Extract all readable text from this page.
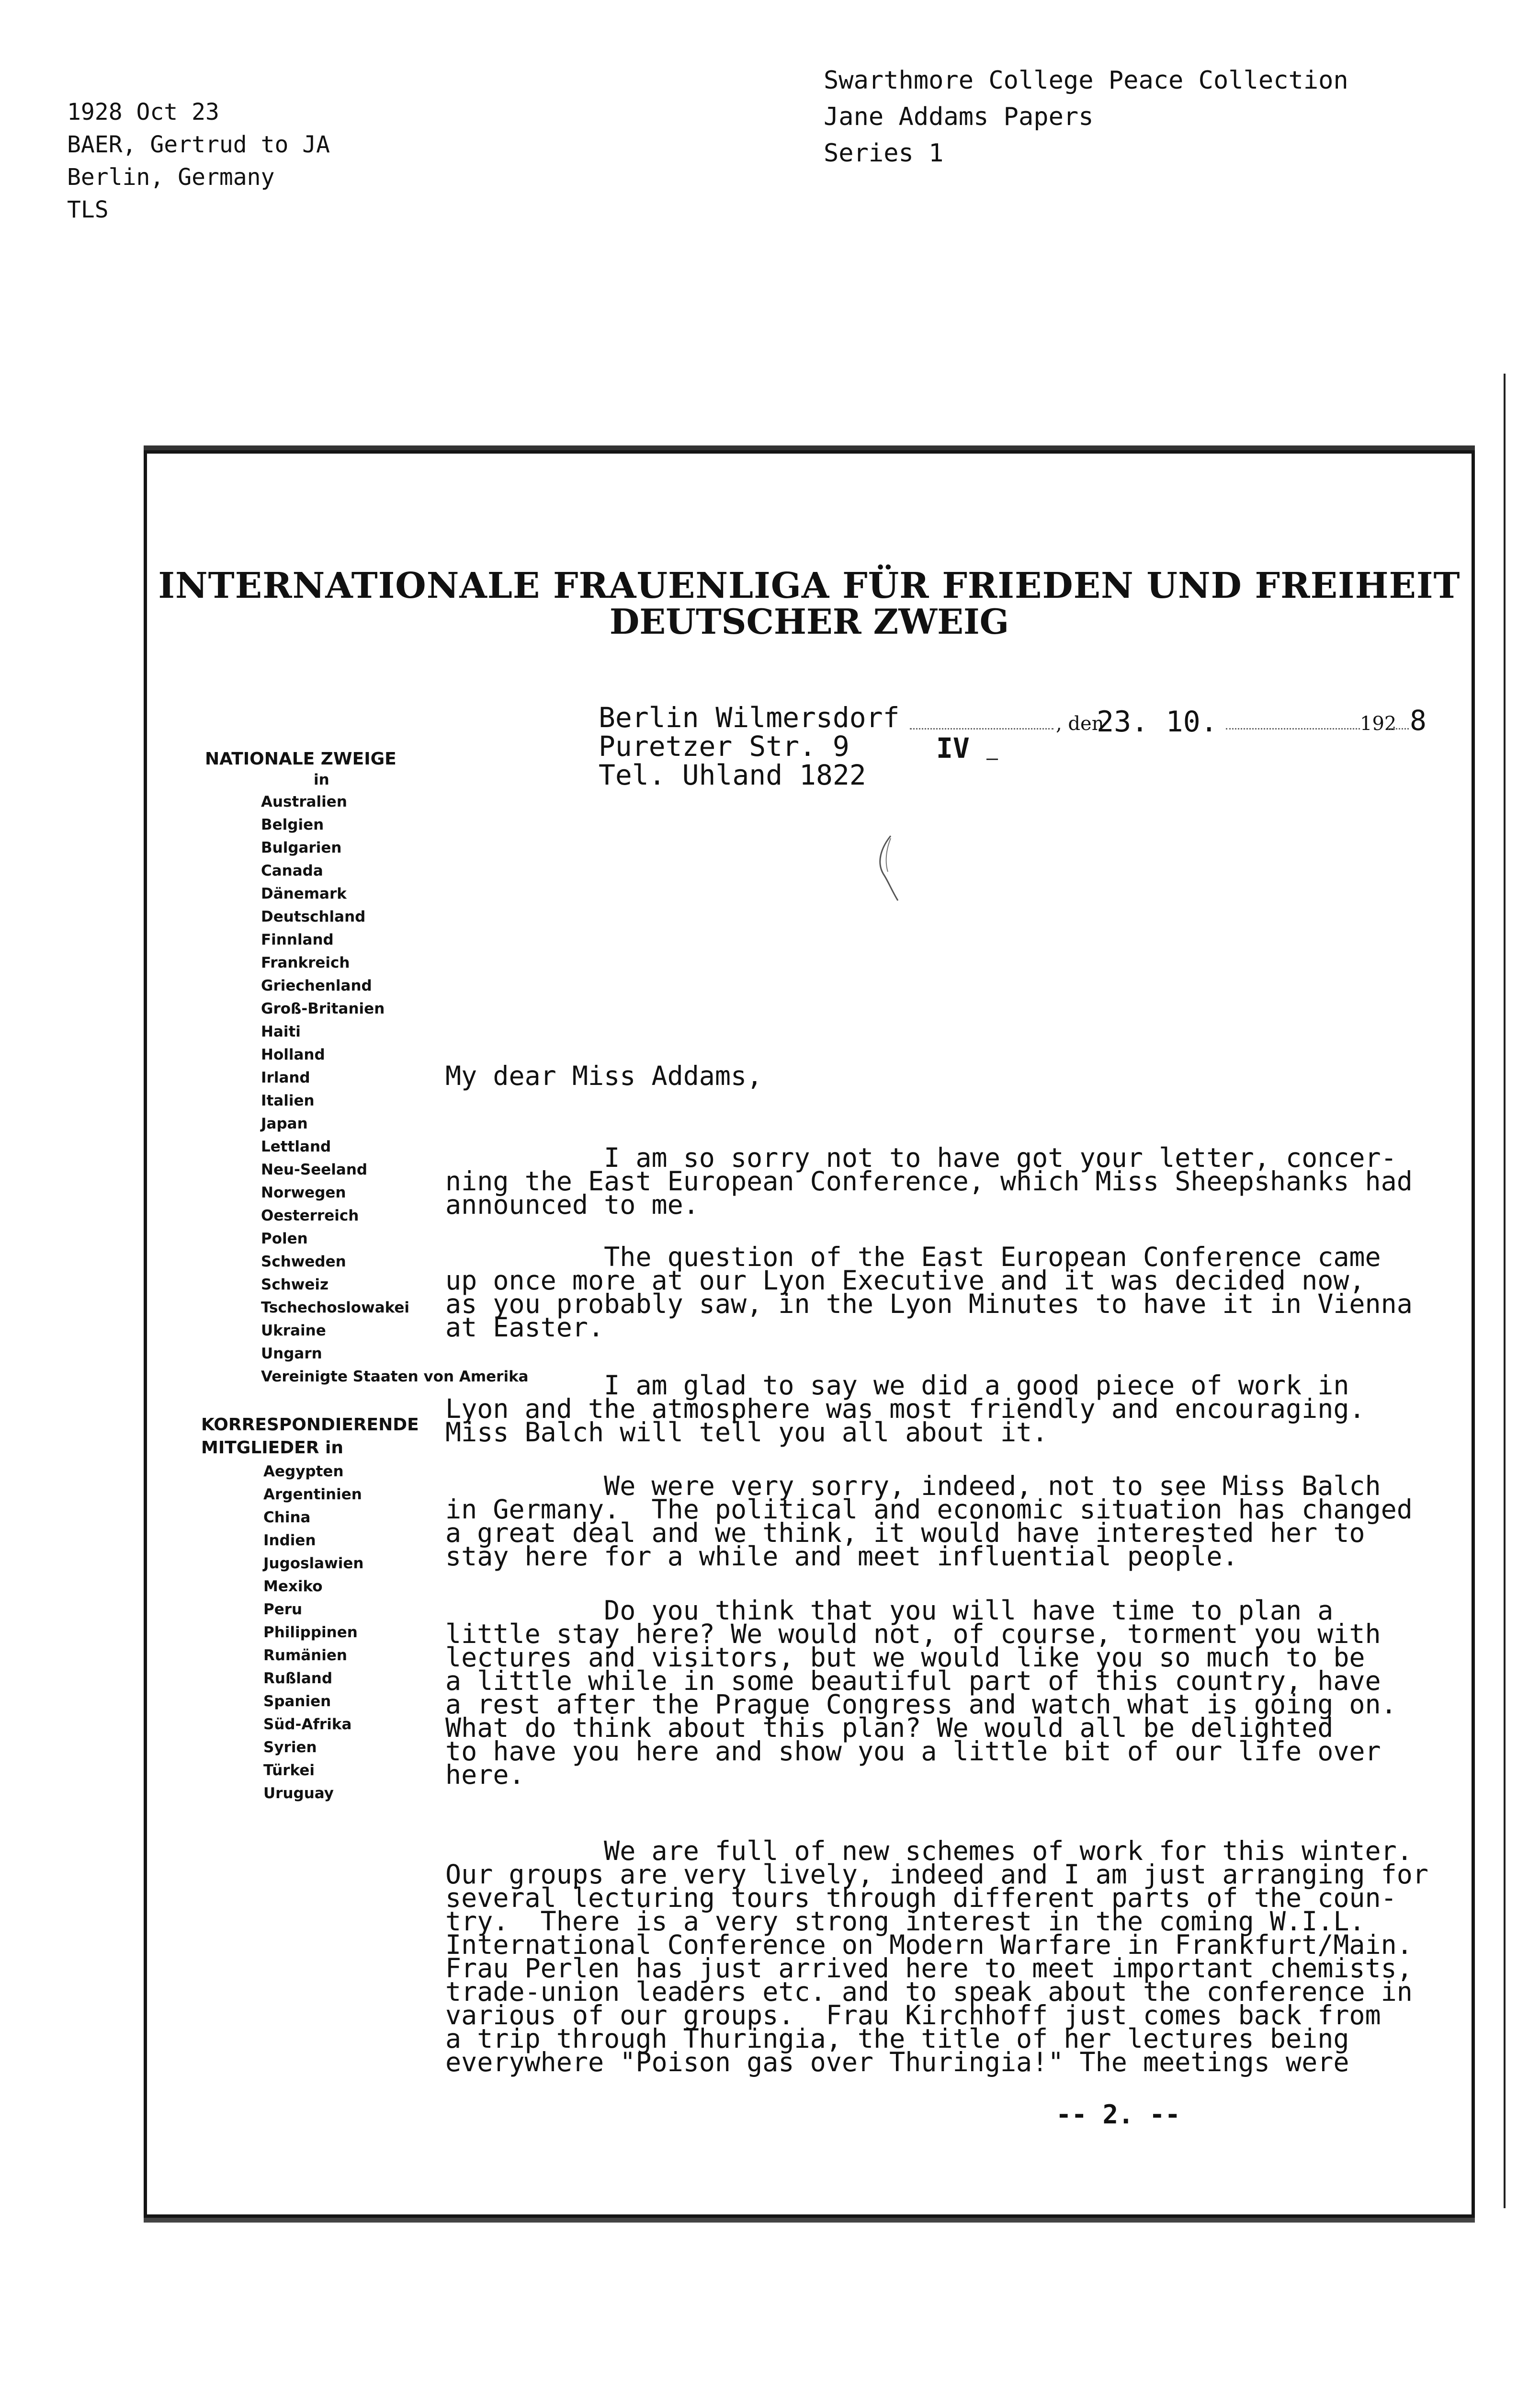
1928 Oct 23
BAER, Gertrud to JA
Berlin, Germany
TLS
Swarthmore College Peace Collection
Jane Addams Papers
Series 1
INTERNATIONALE FRAUENLIGA FÜR FRIEDEN UND FREIHEIT
DEUTSCHER ZWEIG
Berlin Wilmersdorf
Puretzer Str. 9
Tel. Uhland 1822
IV —
, den
23. 10.	192 8
NATIONALE ZWEIGE
in
Australien
Belgien
Bulgarien
Canada
Dänemark
Deutschland
Finnland
Frankreich
Griechenland
Groß-Britanien
Haiti
Holland
Irland
Italien
Japan
Lettland
Neu-Seeland
Norwegen
Oesterreich
Polen
Schweden
Schweiz
Tschechoslowakei
Ukraine
Ungarn
Vereinigte Staaten von Amerika
KORRESPONDIERENDE
MITGLIEDER in
Aegypten
Argentinien
China
Indien
Jugoslawien
Mexiko
Peru
Philippinen
Rumänien
Rußland
Spanien
Süd-Afrika
Syrien
Türkei
Uruguay
My dear Miss Addams,
I am so sorry not to have got your letter, concer-
ning the East European Conference, which Miss Sheepshanks had
announced to me.
The question of the East European Conference came
up once more at our Lyon Executive and it was decided now,
as you probably saw, in the Lyon Minutes to have it in Vienna
at Easter.
I am glad to say we did a good piece of work in
Lyon and the atmosphere was most friendly and encouraging.
Miss Balch will tell you all about it.
We were very sorry, indeed, not to see Miss Balch
in Germany.  The political and economic situation has changed
a great deal and we think, it would have interested her to
stay here for a while and meet influential people.
Do you think that you will have time to plan a
little stay here? We would not, of course, torment you with
lectures and visitors, but we would like you so much to be
a little while in some beautiful part of this country, have
a rest after the Prague Congress and watch what is going on.
What do think about this plan? We would all be delighted
to have you here and show you a little bit of our life over
here.
We are full of new schemes of work for this winter.
Our groups are very lively, indeed and I am just arranging for
several lecturing tours through different parts of the coun-
try.  There is a very strong interest in the coming W.I.L.
International Conference on Modern Warfare in Frankfurt/Main.
Frau Perlen has just arrived here to meet important chemists,
trade-union leaders etc. and to speak about the conference in
various of our groups.  Frau Kirchhoff just comes back from
a trip through Thuringia, the title of her lectures being
everywhere "Poison gas over Thuringia!" The meetings were
-- 2. --
